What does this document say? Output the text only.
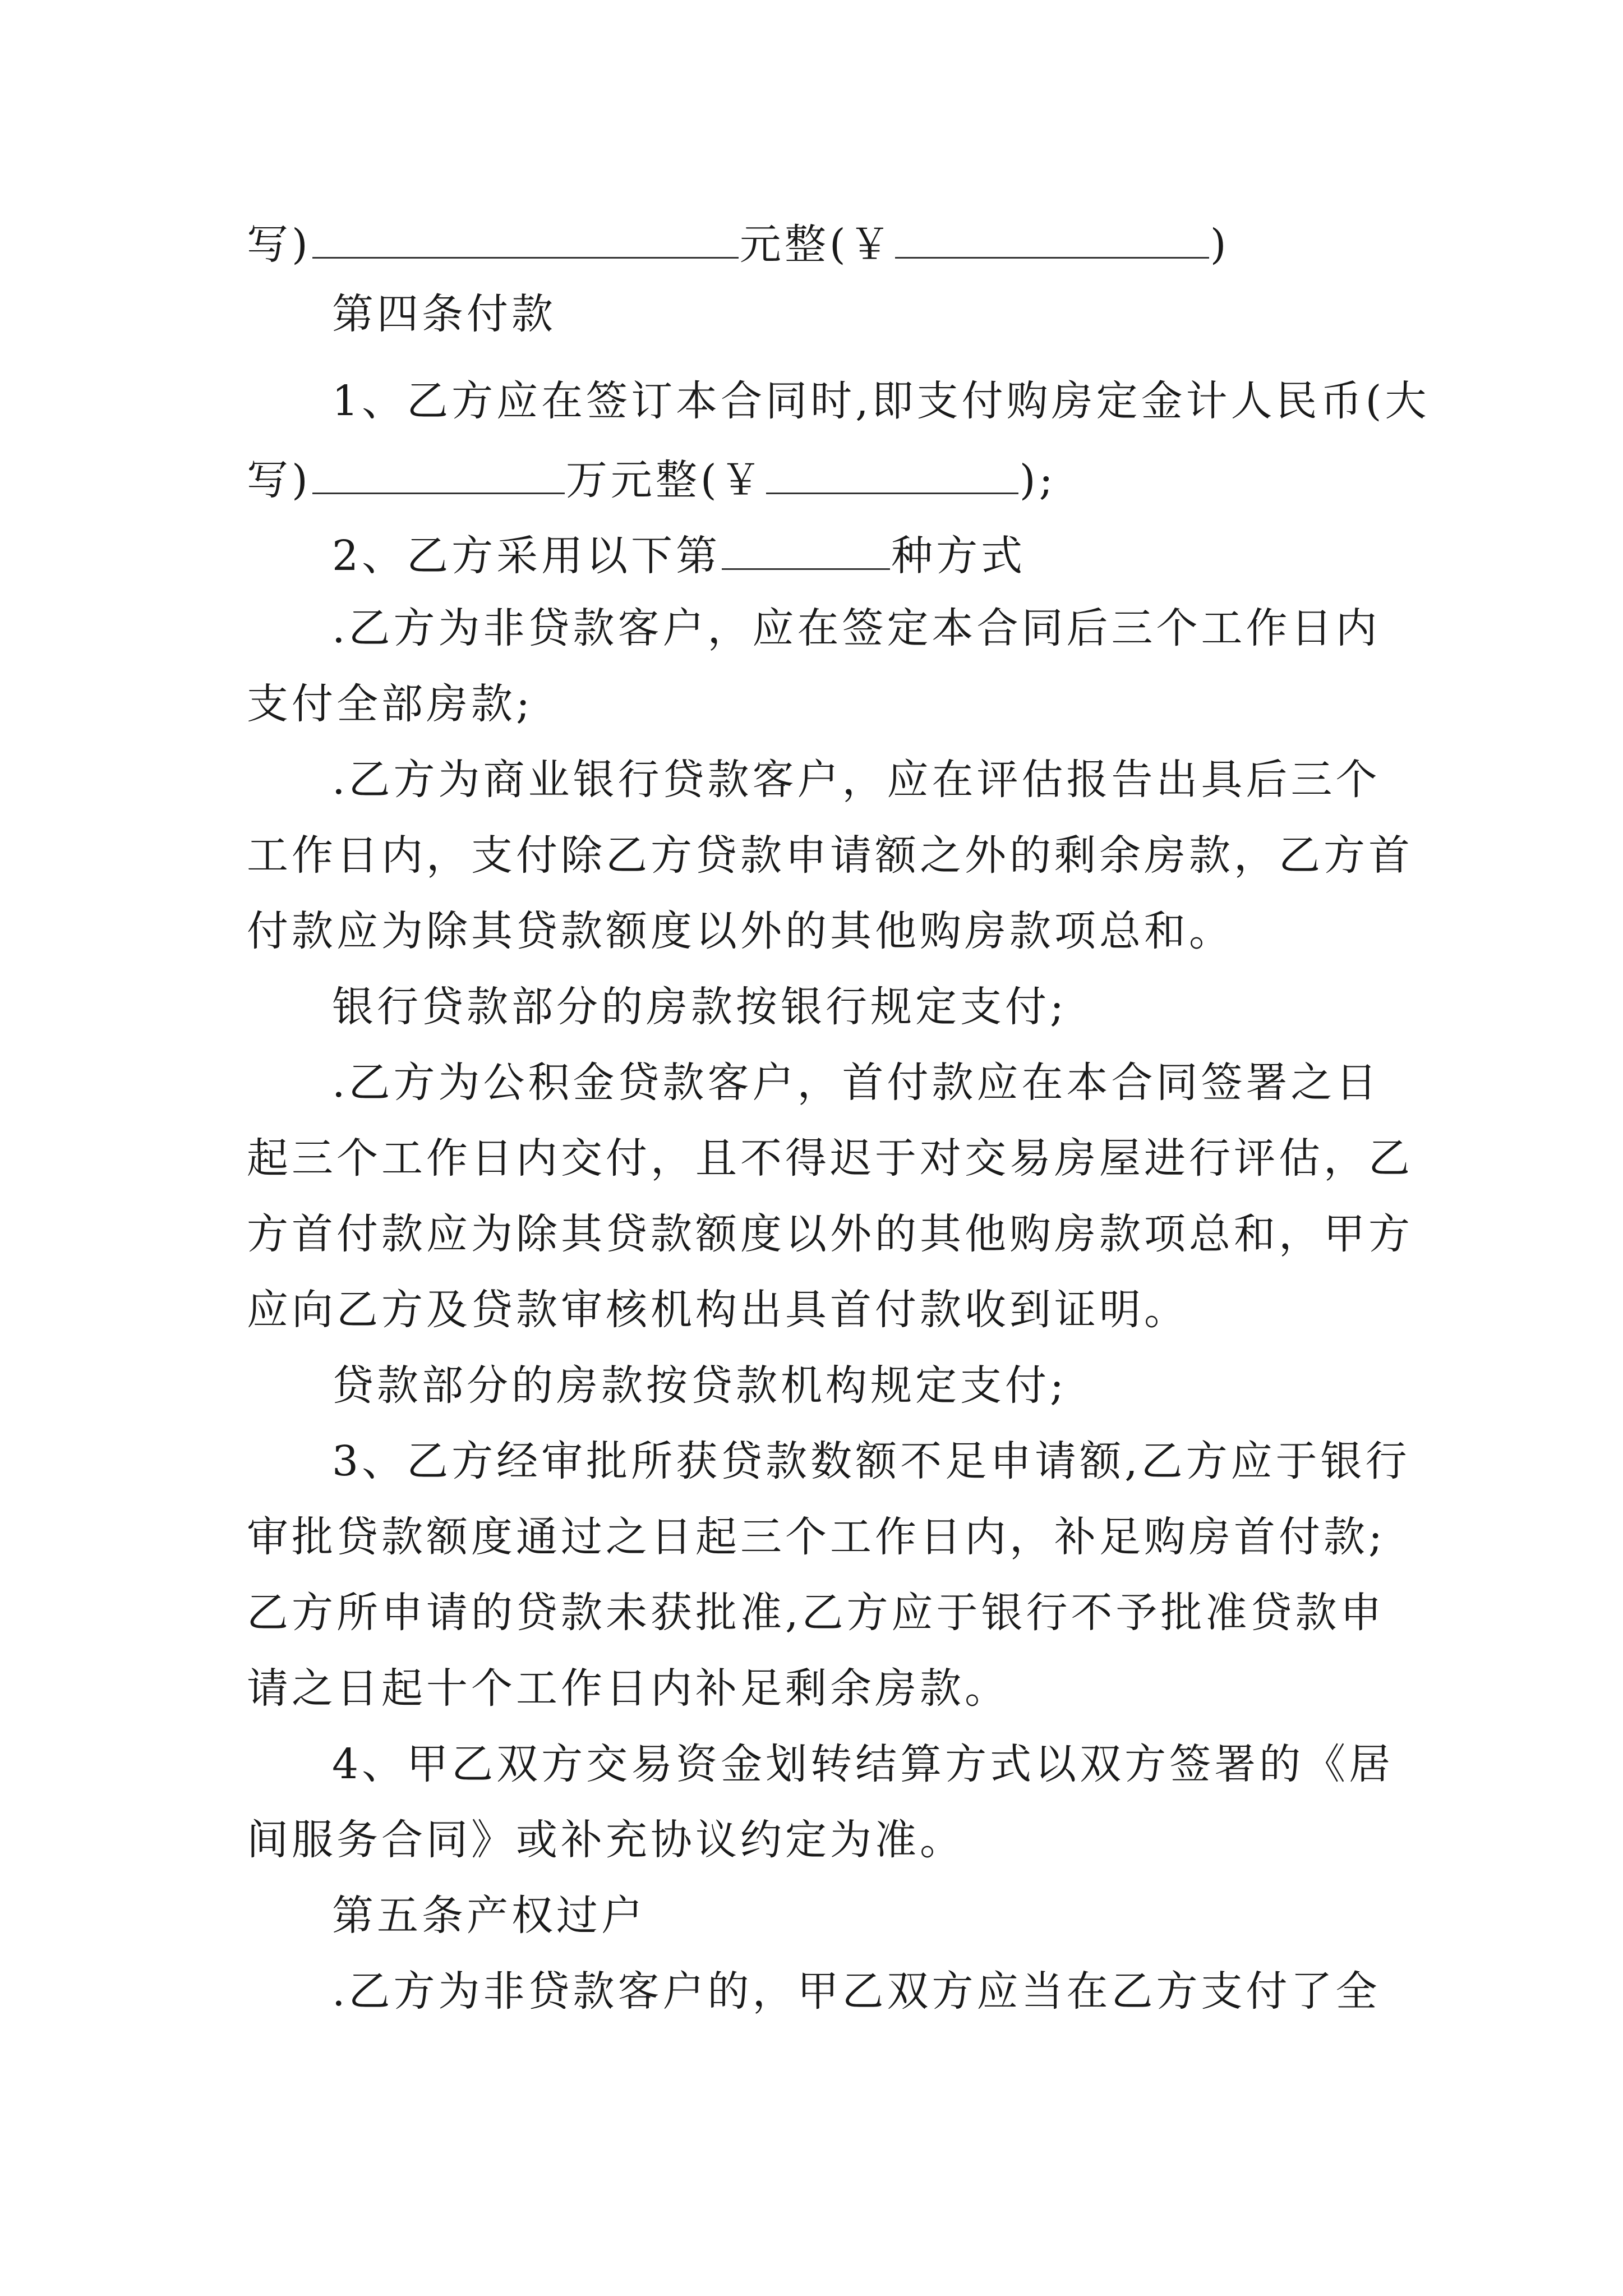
写)	元整(￥	)
第四条付款
1、乙方应在签订本合同时,即支付购房定金计人民币(大
写)	万元整(￥	);
2、乙方采用以下第	种方式
.乙方为非贷款客户，应在签定本合同后三个工作日内
支付全部房款;
.乙方为商业银行贷款客户，应在评估报告出具后三个
工作日内，支付除乙方贷款申请额之外的剩余房款，乙方首
付款应为除其贷款额度以外的其他购房款项总和。
银行贷款部分的房款按银行规定支付;
.乙方为公积金贷款客户，首付款应在本合同签署之日
起三个工作日内交付，且不得迟于对交易房屋进行评估，乙
方首付款应为除其贷款额度以外的其他购房款项总和，甲方
应向乙方及贷款审核机构出具首付款收到证明。
贷款部分的房款按贷款机构规定支付;
3、乙方经审批所获贷款数额不足申请额,乙方应于银行
审批贷款额度通过之日起三个工作日内，补足购房首付款;
乙方所申请的贷款未获批准,乙方应于银行不予批准贷款申
请之日起十个工作日内补足剩余房款。
4、甲乙双方交易资金划转结算方式以双方签署的《居
间服务合同》或补充协议约定为准。
第五条产权过户
.乙方为非贷款客户的，甲乙双方应当在乙方支付了全
